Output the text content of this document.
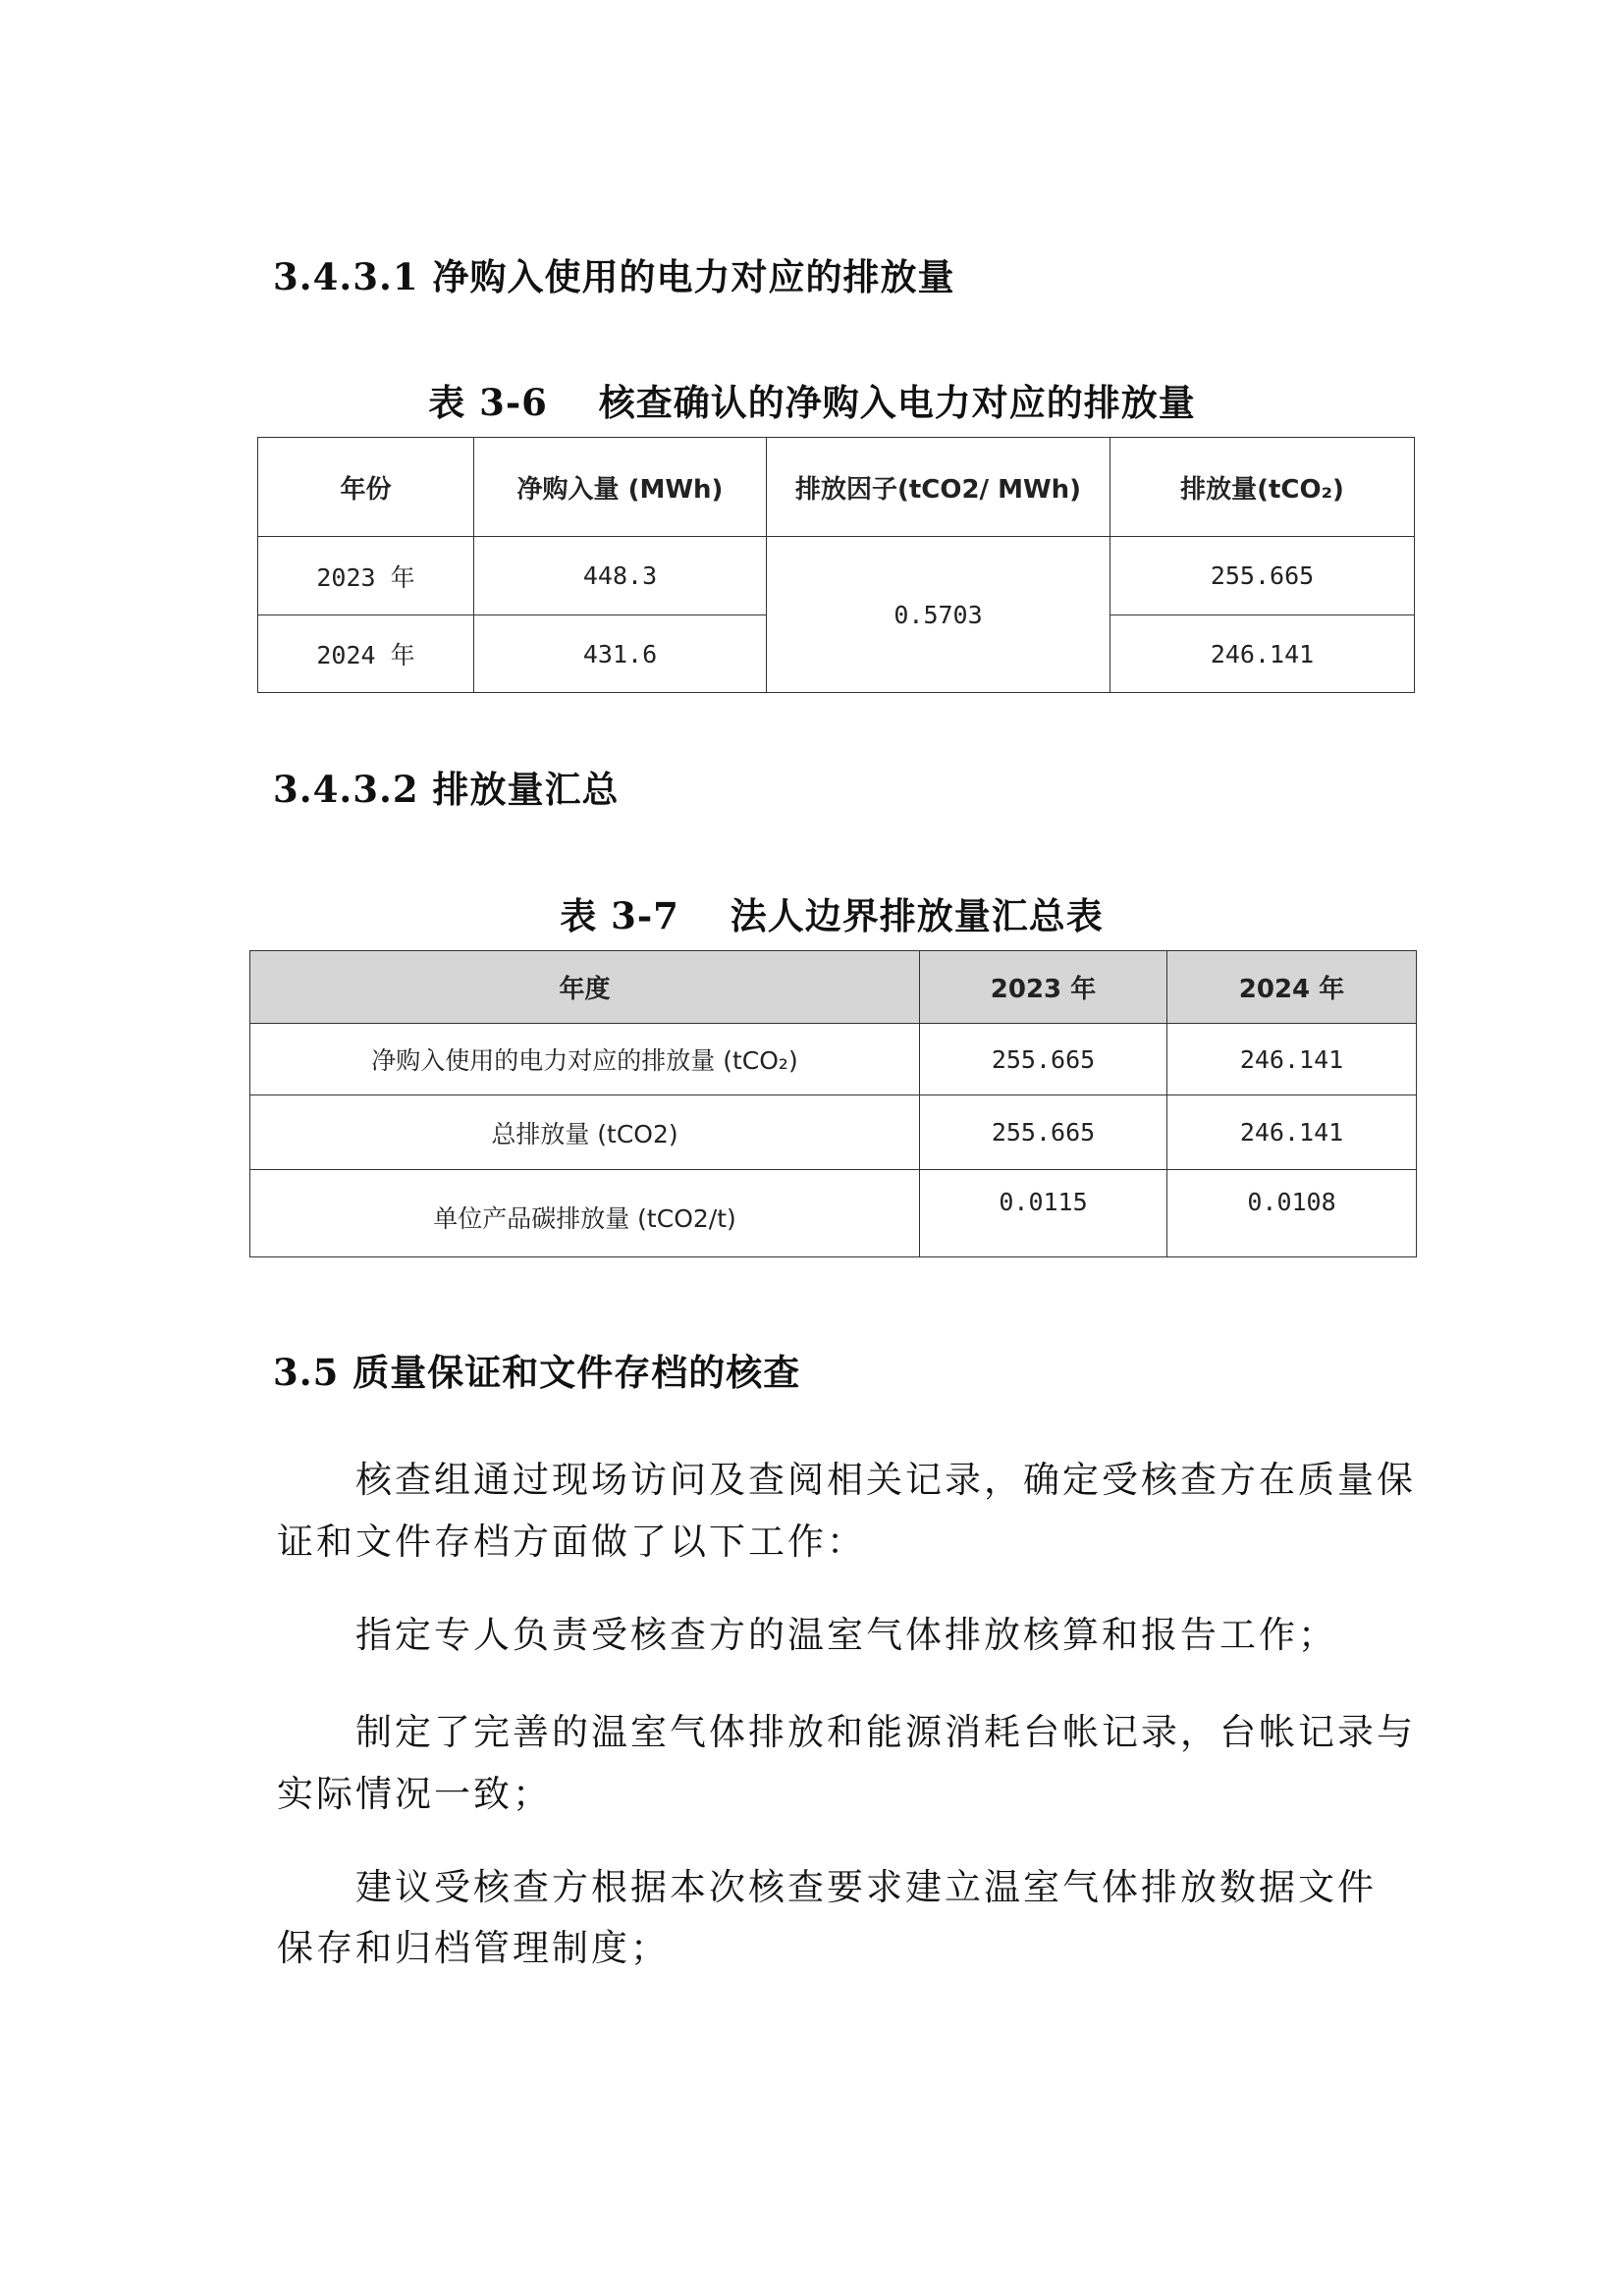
3.4.3.1 净购入使用的电力对应的排放量
表 3-6　 核查确认的净购入电力对应的排放量
年份	净购入量 (MWh)	排放因子(tCO2/ MWh)	排放量(tCO₂)
2023 年	448.3	0.5703	255.665
2024 年	431.6		246.141
3.4.3.2 排放量汇总
表 3-7　 法人边界排放量汇总表
年度	2023 年	2024 年
净购入使用的电力对应的排放量 (tCO₂)	255.665	246.141
总排放量 (tCO2)	255.665	246.141
单位产品碳排放量 (tCO2/t)	0.0115	0.0108
3.5 质量保证和文件存档的核查
核查组通过现场访问及查阅相关记录，确定受核查方在质量保
证和文件存档方面做了以下工作：
指定专人负责受核查方的温室气体排放核算和报告工作；
制定了完善的温室气体排放和能源消耗台帐记录，台帐记录与
实际情况一致；
建议受核查方根据本次核查要求建立温室气体排放数据文件
保存和归档管理制度；
